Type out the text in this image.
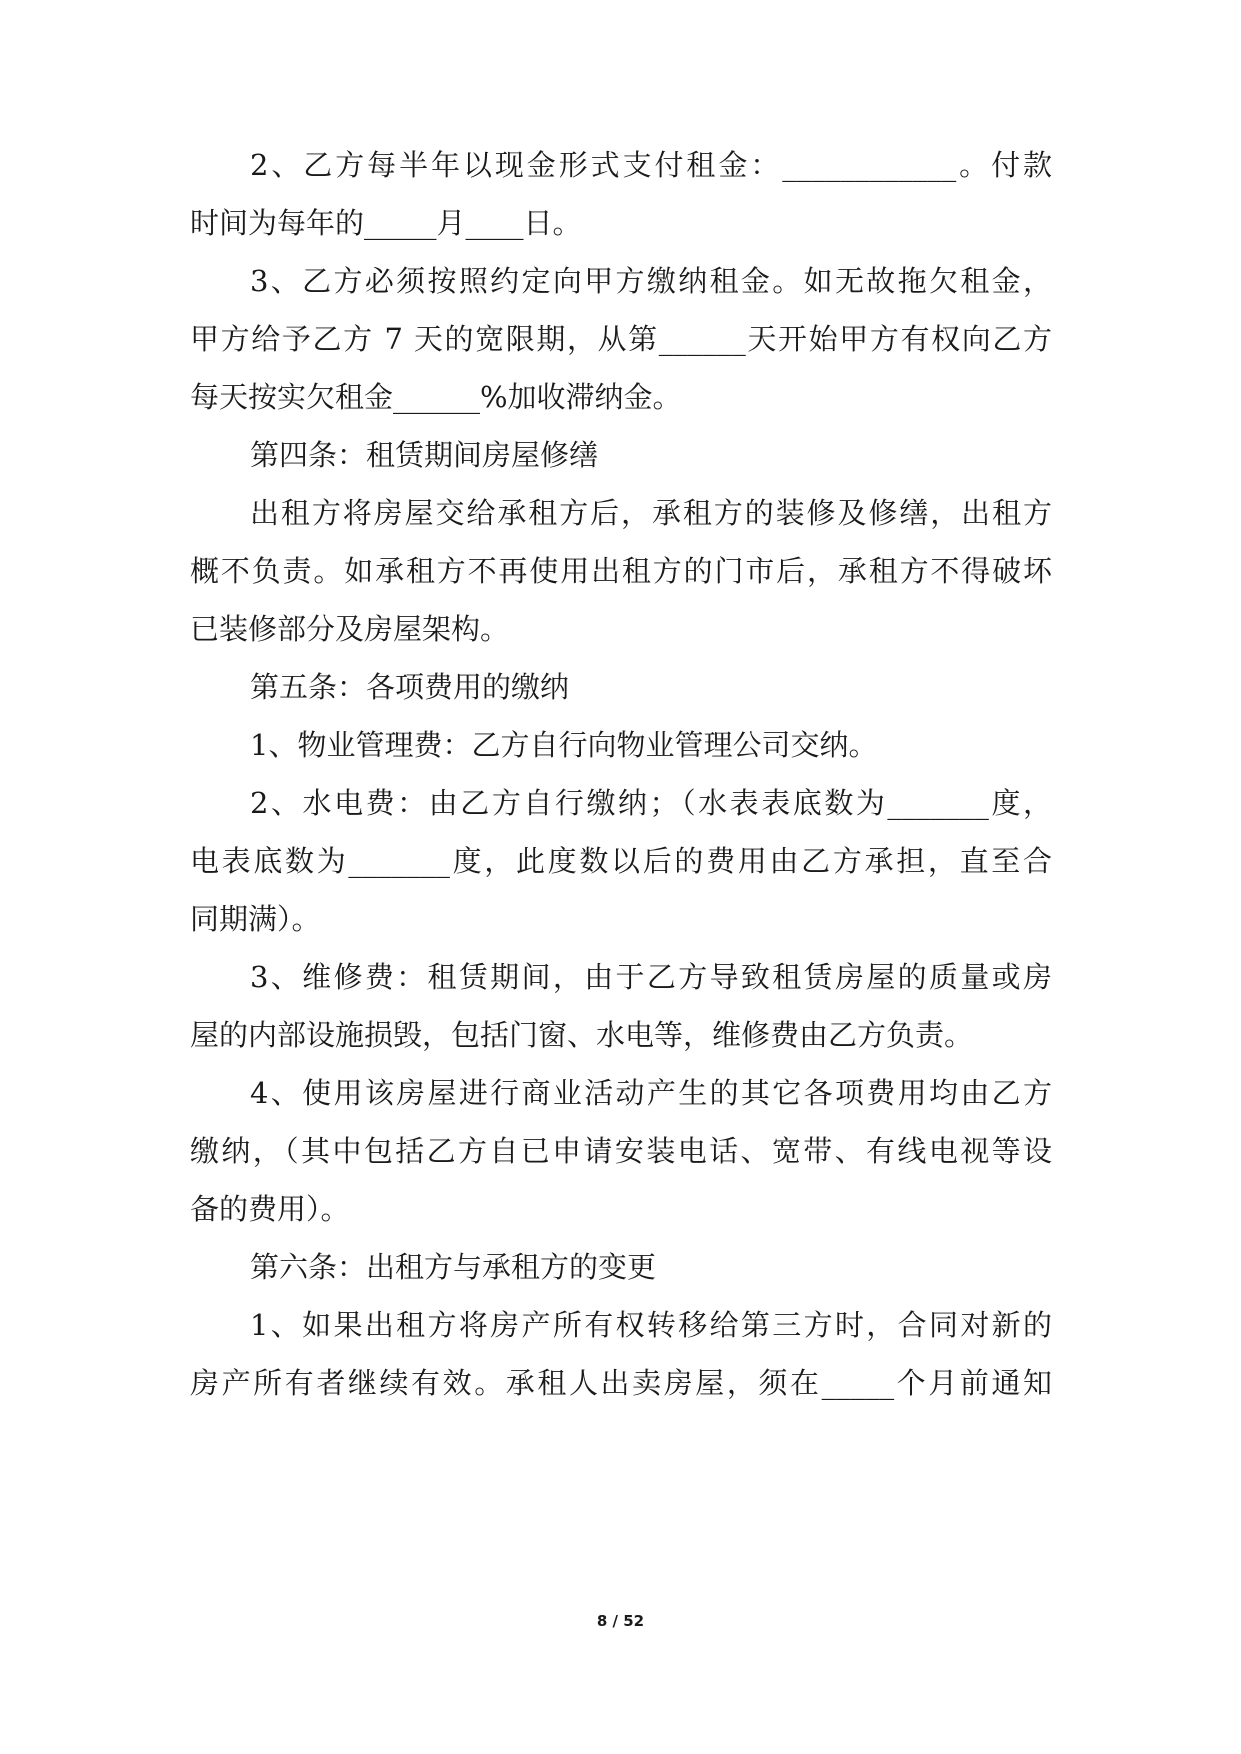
2、乙方每半年以现金形式支付租金：____________。付款
时间为每年的_____月____日。
3、乙方必须按照约定向甲方缴纳租金。如无故拖欠租金，
甲方给予乙方 7 天的宽限期，从第______天开始甲方有权向乙方
每天按实欠租金______%加收滞纳金。
第四条：租赁期间房屋修缮
出租方将房屋交给承租方后，承租方的装修及修缮，出租方
概不负责。如承租方不再使用出租方的门市后，承租方不得破坏
已装修部分及房屋架构。
第五条：各项费用的缴纳
1、物业管理费：乙方自行向物业管理公司交纳。
2、水电费：由乙方自行缴纳；（水表表底数为_______度，
电表底数为_______度，此度数以后的费用由乙方承担，直至合
同期满）。
3、维修费：租赁期间，由于乙方导致租赁房屋的质量或房
屋的内部设施损毁，包括门窗、水电等，维修费由乙方负责。
4、使用该房屋进行商业活动产生的其它各项费用均由乙方
缴纳，（其中包括乙方自已申请安装电话、宽带、有线电视等设
备的费用）。
第六条：出租方与承租方的变更
1、如果出租方将房产所有权转移给第三方时，合同对新的
房产所有者继续有效。承租人出卖房屋，须在_____个月前通知
8 / 52
